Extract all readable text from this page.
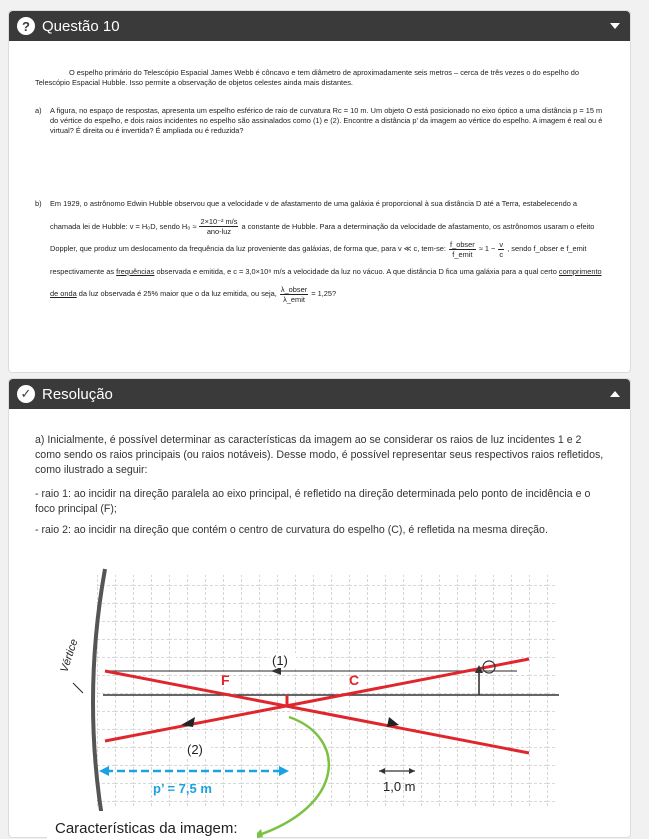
? Questão 10

O espelho primário do Telescópio Espacial James Webb é côncavo e tem diâmetro de aproximadamente seis metros – cerca de três vezes o do espelho do Telescópio Espacial Hubble. Isso permite a observação de objetos celestes ainda mais distantes.

a)	A figura, no espaço de respostas, apresenta um espelho esférico de raio de curvatura Rc = 10 m. Um objeto O está posicionado no eixo óptico a uma distância p = 15 m do vértice do espelho, e dois raios incidentes no espelho são assinalados como (1) e (2). Encontre a distância p' da imagem ao vértice do espelho. A imagem é real ou é virtual? É direita ou é invertida? É ampliada ou é reduzida?
b)	Em 1929, o astrônomo Edwin Hubble observou que a velocidade v de afastamento de uma galáxia é proporcional à sua distância D até a Terra, estabelecendo a chamada lei de Hubble: v = H₀D, sendo $H_0 \approx \frac{\text{2×10⁻² m/s}}{\text{ano-luz}}$ a constante de Hubble. Para a determinação da velocidade de afastamento, os astrônomos usaram o efeito Doppler, que produz um deslocamento da frequência da luz proveniente das galáxias, de forma que, para v ≪ c, tem-se: $\frac{\text{f\_obser}}{\text{f\_emit}} \approx 1 - \frac{v}{c}$ , sendo f_obser e f_emit respectivamente as frequências observada e emitida, e c = 3,0×10⁸ m/s a velocidade da luz no vácuo. A que distância D fica uma galáxia para a qual certo comprimento de onda da luz observada é 25% maior que o da luz emitida, ou seja, $\frac{\text{λ\_obser}}{\text{λ\_emit}} = 1,25$?
✓ Resolução

a) Inicialmente, é possível determinar as características da imagem ao se considerar os raios de luz incidentes 1 e 2 como sendo os raios principais (ou raios notáveis). Desse modo, é possível representar seus respectivos raios refletidos, como ilustrado a seguir:

- raio 1: ao incidir na direção paralela ao eixo principal, é refletido na direção determinada pelo ponto de incidência e o foco principal (F);

- raio 2: ao incidir na direção que contém o centro de curvatura do espelho (C), é refletida na mesma direção.

F	C
(1)
(2)
Vértice	O
p’ = 7,5 m	1,0 m
Características da imagem:
